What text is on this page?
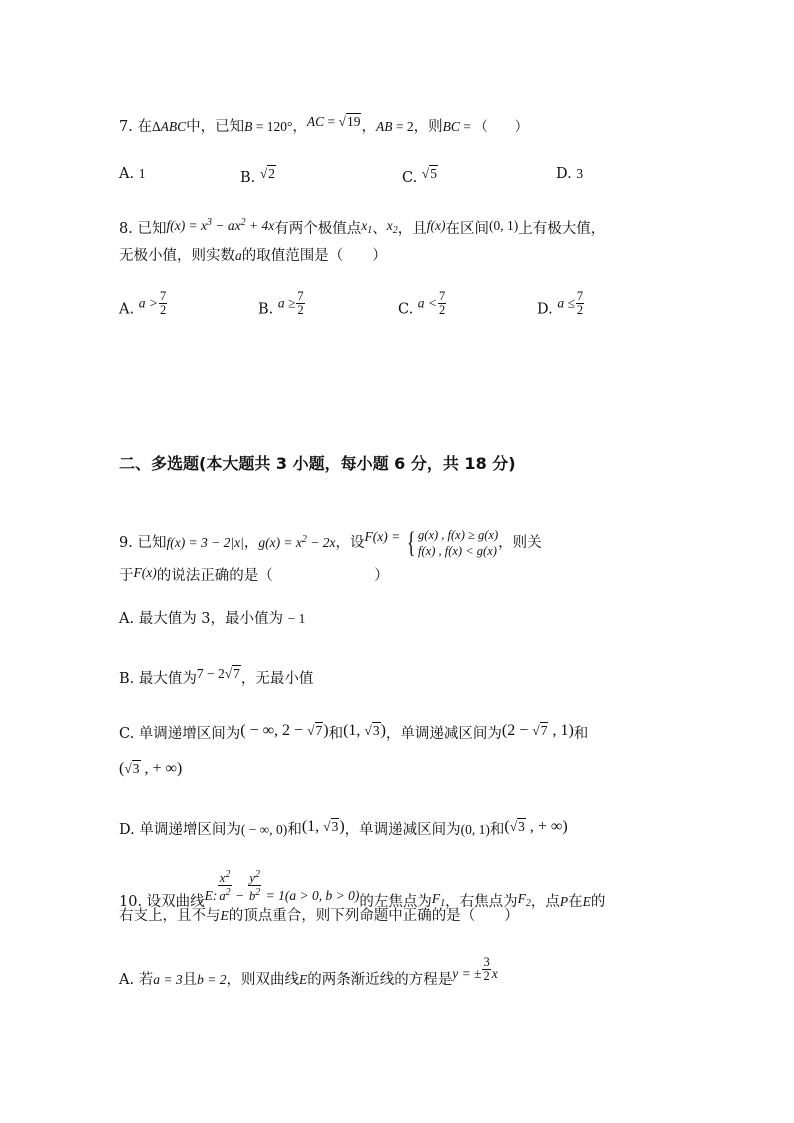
7. 在ΔABC中，已知B = 120°，AC = √19，AB = 2，则BC = （　　）
A. 1	B. √2	C. √5	D. 3
8. 已知$f(x) = x^3 - ax^2 + 4x$有两个极值点$x_1$、$x_2$，且f(x)在区间(0, 1)上有极大值，
无极小值，则实数a的取值范围是（　　）
A. $a > \frac{7}{2}$	B. $a \ge \frac{7}{2}$	C. $a < \frac{7}{2}$	D. $a \le \frac{7}{2}$
二、多选题(本大题共 3 小题，每小题 6 分，共 18 分)
9. 已知f(x) = 3 − 2|x|，$g(x) = x^2 - 2x$，设F(x) = { g(x) , f(x) ≥ g(x)
f(x) , f(x) < g(x) ，则关
于F(x)的说法正确的是（　　　　　　　）
A. 最大值为 3，最小值为 − 1
B. 最大值为7 − 2√7，无最小值
C. 单调递增区间为( − ∞, 2 − √7)和(1, √3)，单调递减区间为(2 − √7 , 1)和
(√3 , + ∞)
D. 单调递增区间为( − ∞, 0)和(1, √3)，单调递减区间为(0, 1)和(√3 , + ∞)
10. 设双曲线E: $\frac{x^2}{a^2} - \frac{y^2}{b^2} = 1(a > 0$, b > 0)的左焦点为$F_1$，右焦点为$F_2$，点P在E的
右支上，且不与E的顶点重合，则下列命题中正确的是（　　）
A. 若a = 3且b = 2，则双曲线E的两条渐近线的方程是y = ± $\frac{3}{2}$ x
